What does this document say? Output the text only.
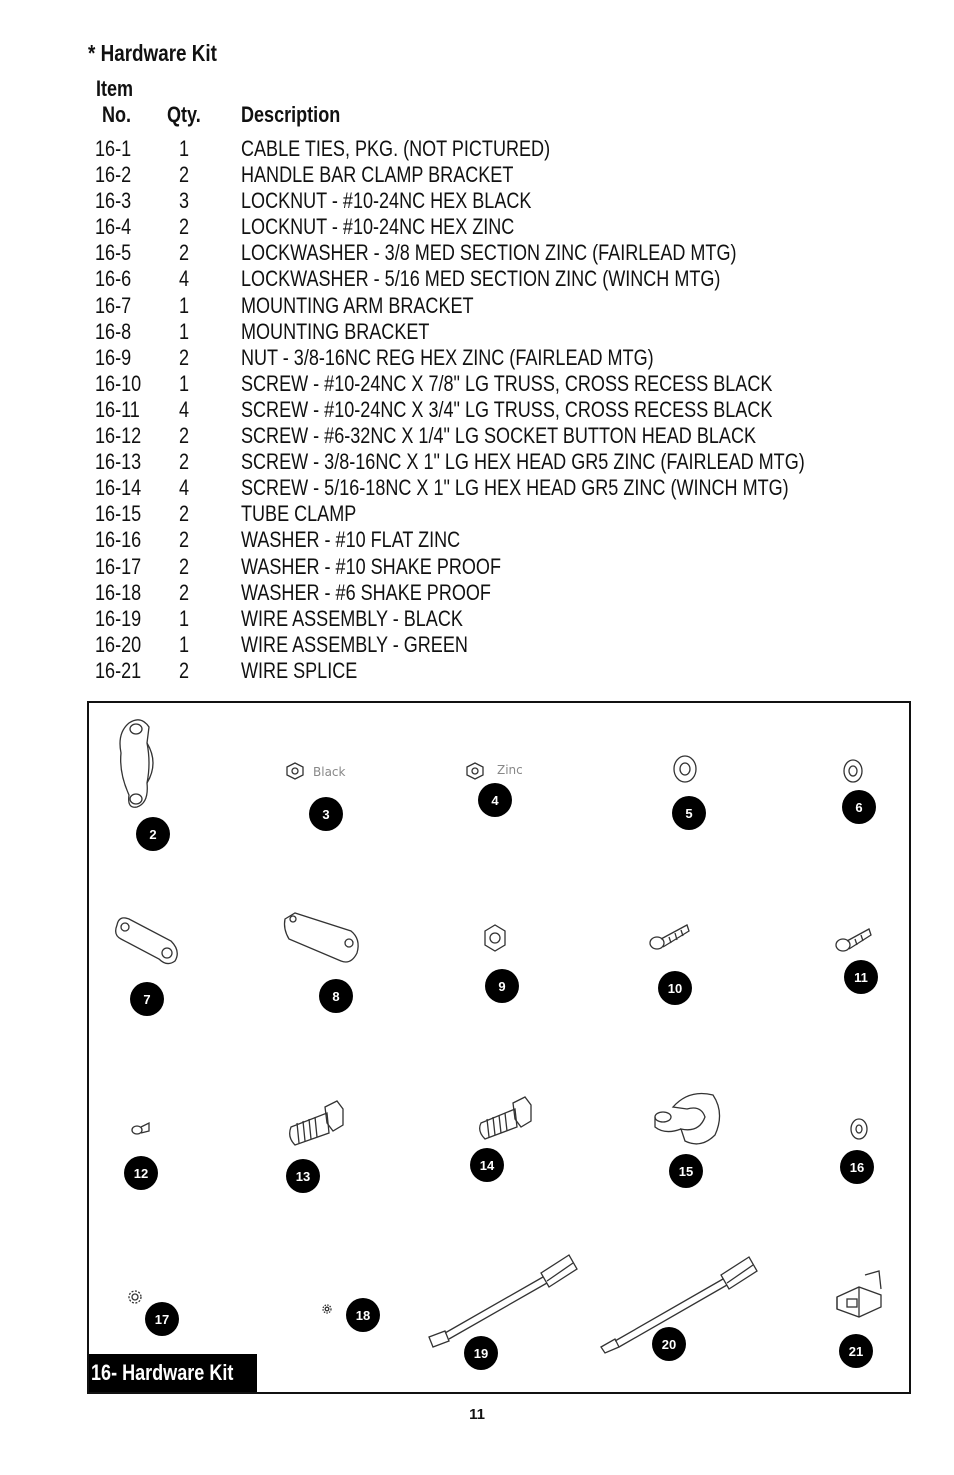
* Hardware Kit
Item
No. Qty.	Description
16-1 1 CABLE TIES, PKG. (NOT PICTURED)
16-2 2 HANDLE BAR CLAMP BRACKET
16-3 3 LOCKNUT - #10-24NC HEX BLACK
16-4 2 LOCKNUT - #10-24NC HEX ZINC
16-5 2 LOCKWASHER - 3/8 MED SECTION ZINC (FAIRLEAD MTG)
16-6 4 LOCKWASHER - 5/16 MED SECTION ZINC (WINCH MTG)
16-7 1 MOUNTING ARM BRACKET
16-8 1 MOUNTING BRACKET
16-9 2 NUT - 3/8-16NC REG HEX ZINC (FAIRLEAD MTG)
16-10 1 SCREW - #10-24NC X 7/8" LG TRUSS, CROSS RECESS BLACK
16-11 4 SCREW - #10-24NC X 3/4" LG TRUSS, CROSS RECESS BLACK
16-12 2 SCREW - #6-32NC X 1/4" LG SOCKET BUTTON HEAD BLACK
16-13 2 SCREW - 3/8-16NC X 1" LG HEX HEAD GR5 ZINC (FAIRLEAD MTG)
16-14 4 SCREW - 5/16-18NC X 1" LG HEX HEAD GR5 ZINC (WINCH MTG)
16-15 2 TUBE CLAMP
16-16 2 WASHER - #10 FLAT ZINC
16-17 2 WASHER - #10 SHAKE PROOF
16-18 2 WASHER - #6 SHAKE PROOF
16-19 1 WIRE ASSEMBLY - BLACK
16-20 1 WIRE ASSEMBLY - GREEN
16-21 2 WIRE SPLICE
Black	Zinc
2
3
4
5	6
7	8
9	10
11
12	13
14	15	16
17	18
19
20	21
16- Hardware Kit
11
